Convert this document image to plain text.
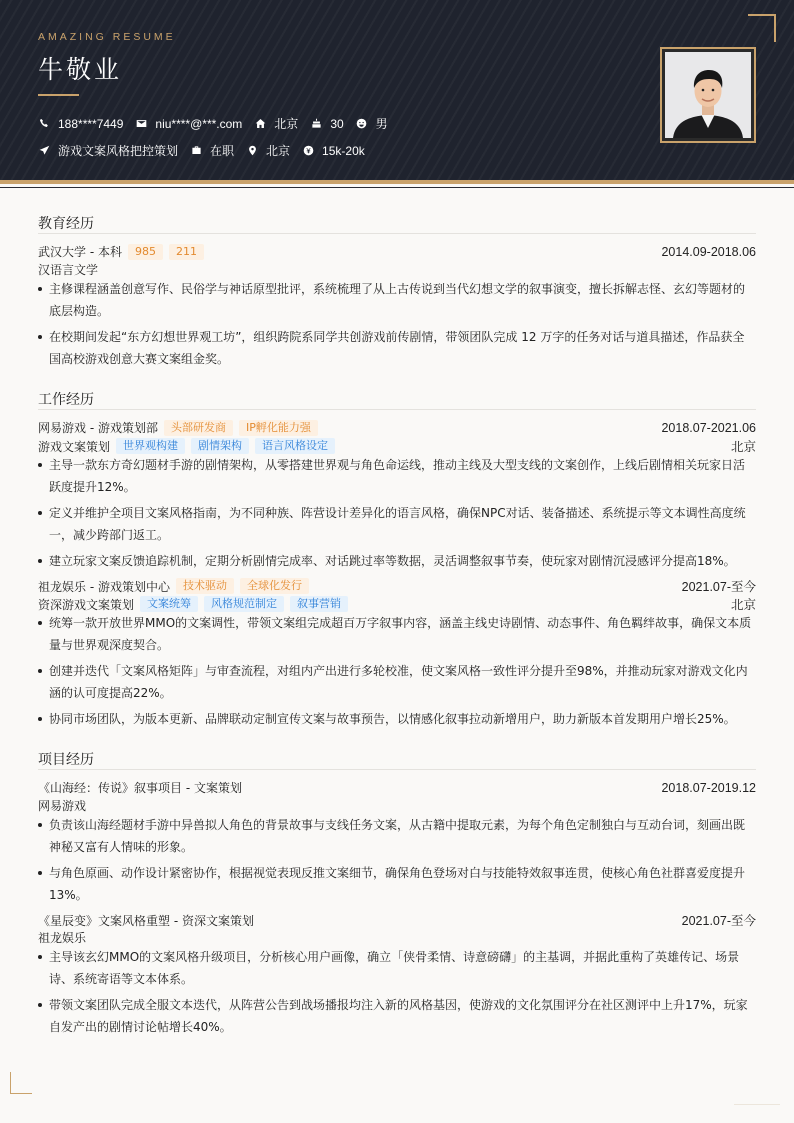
AMAZING RESUME
牛敬业
188****7449	niu****@***.com	北京	30	男
游戏文案风格把控策划	在职	北京	15k-20k
教育经历
武汉大学 - 本科	985	211	2014.09-2018.06
汉语言文学
主修课程涵盖创意写作、民俗学与神话原型批评，系统梳理了从上古传说到当代幻想文学的叙事演变，擅长拆解志怪、玄幻等题材的底层构造。
在校期间发起“东方幻想世界观工坊”，组织跨院系同学共创游戏前传剧情，带领团队完成 12 万字的任务对话与道具描述，作品获全国高校游戏创意大赛文案组金奖。
工作经历
网易游戏 - 游戏策划部	头部研发商	IP孵化能力强	2018.07-2021.06
游戏文案策划	世界观构建	剧情架构	语言风格设定	北京
主导一款东方奇幻题材手游的剧情架构，从零搭建世界观与角色命运线，推动主线及大型支线的文案创作，上线后剧情相关玩家日活跃度提升12%。
定义并维护全项目文案风格指南，为不同种族、阵营设计差异化的语言风格，确保NPC对话、装备描述、系统提示等文本调性高度统一，减少跨部门返工。
建立玩家文案反馈追踪机制，定期分析剧情完成率、对话跳过率等数据，灵活调整叙事节奏，使玩家对剧情沉浸感评分提高18%。
祖龙娱乐 - 游戏策划中心	技术驱动	全球化发行	2021.07-至今
资深游戏文案策划	文案统筹	风格规范制定	叙事营销	北京
统筹一款开放世界MMO的文案调性，带领文案组完成超百万字叙事内容，涵盖主线史诗剧情、动态事件、角色羁绊故事，确保文本质量与世界观深度契合。
创建并迭代「文案风格矩阵」与审查流程，对组内产出进行多轮校准，使文案风格一致性评分提升至98%，并推动玩家对游戏文化内涵的认可度提高22%。
协同市场团队，为版本更新、品牌联动定制宣传文案与故事预告，以情感化叙事拉动新增用户，助力新版本首发期用户增长25%。
项目经历
《山海经：传说》叙事项目 - 文案策划	2018.07-2019.12
网易游戏
负责该山海经题材手游中异兽拟人角色的背景故事与支线任务文案，从古籍中提取元素，为每个角色定制独白与互动台词，刻画出既神秘又富有人情味的形象。
与角色原画、动作设计紧密协作，根据视觉表现反推文案细节，确保角色登场对白与技能特效叙事连贯，使核心角色社群喜爱度提升13%。
《星辰变》文案风格重塑 - 资深文案策划	2021.07-至今
祖龙娱乐
主导该玄幻MMO的文案风格升级项目，分析核心用户画像，确立「侠骨柔情、诗意磅礴」的主基调，并据此重构了英雄传记、场景诗、系统寄语等文本体系。
带领文案团队完成全服文本迭代，从阵营公告到战场播报均注入新的风格基因，使游戏的文化氛围评分在社区测评中上升17%，玩家自发产出的剧情讨论帖增长40%。
